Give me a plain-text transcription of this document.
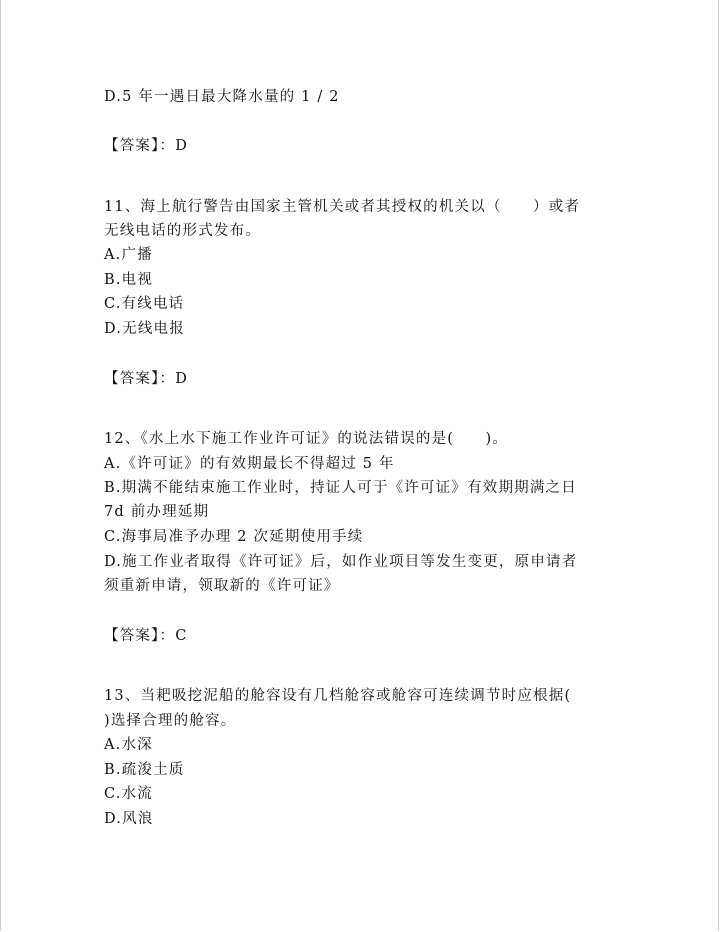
D.5 年一遇日最大降水量的 1 / 2
【答案】：D
11、海上航行警告由国家主管机关或者其授权的机关以（　　）或者
无线电话的形式发布。
A.广播
B.电视
C.有线电话
D.无线电报
【答案】：D
12、《水上水下施工作业许可证》的说法错误的是(　　)。
A.《许可证》的有效期最长不得超过 5 年
B.期满不能结束施工作业时，持证人可于《许可证》有效期期满之日
7d 前办理延期
C.海事局准予办理 2 次延期使用手续
D.施工作业者取得《许可证》后，如作业项目等发生变更，原申请者
须重新申请，领取新的《许可证》
【答案】：C
13、当耙吸挖泥船的舱容设有几档舱容或舱容可连续调节时应根据(
)选择合理的舱容。
A.水深
B.疏浚土质
C.水流
D.风浪
